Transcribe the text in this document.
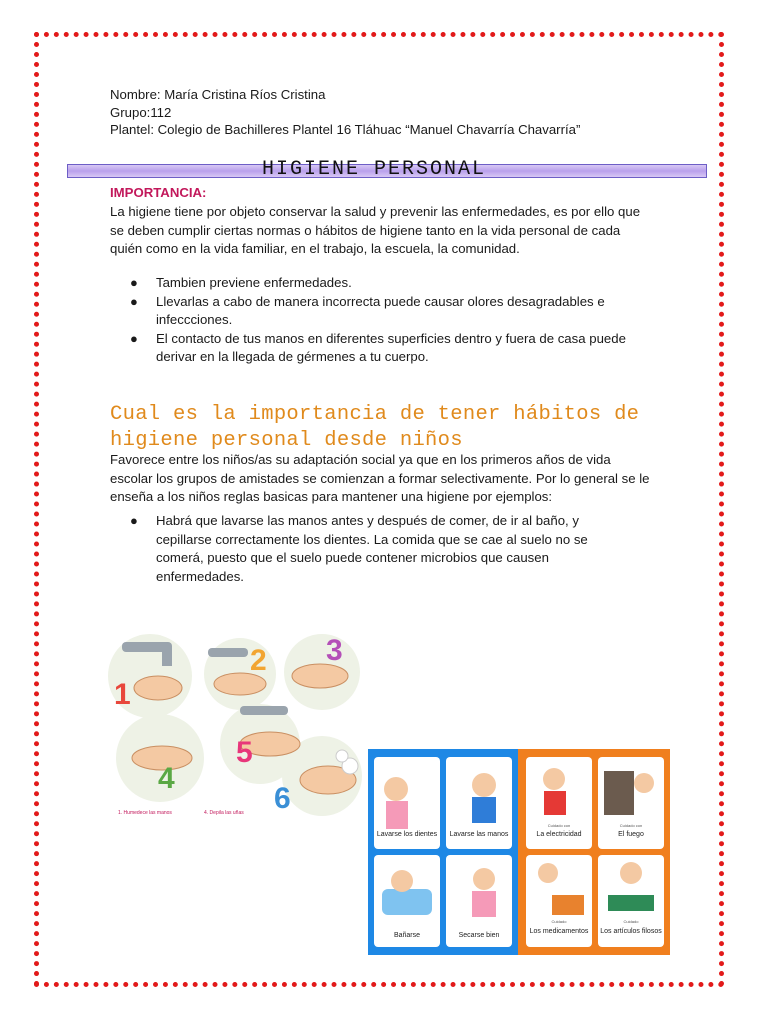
Nombre: María Cristina Ríos Cristina
Grupo:112
Plantel: Colegio de Bachilleres Plantel 16 Tláhuac “Manuel Chavarría Chavarría”
HIGIENE PERSONAL
IMPORTANCIA:
La higiene tiene por objeto conservar la salud y prevenir las enfermedades, es por ello que se deben cumplir ciertas normas o hábitos de higiene tanto en la vida personal de cada quién como en la vida familiar, en el trabajo, la escuela, la comunidad.
● Tambien previene enfermedades.
● Llevarlas a cabo de manera incorrecta puede causar olores desagradables e infeccciones.
● El contacto de tus manos en diferentes superficies dentro y fuera de casa puede derivar en la llegada de gérmenes a tu cuerpo.
Cual es la importancia de tener hábitos de higiene personal desde niños
Favorece entre los niños/as su adaptación social ya que en los primeros años de vida escolar los grupos de amistades se comienzan a formar selectivamente. Por lo general se le enseña a los niños reglas basicas para mantener una higiene por ejemplos:
● Habrá que lavarse las manos antes y después de comer, de ir al baño, y cepillarse correctamente los dientes. La comida que se cae al suelo no se comerá, puesto que el suelo puede contener microbios que causen enfermedades.
1
2 3
4
5
6
1. Humedece las manos	4. Depila las uñas
Lavarse los dientes Lavarse las manos
Bañarse	Secarse bien
Cuidado con
La electricidad
Cuidado con
El fuego
Cuidado
Los medicamentos
Cuidado
Los artículos filosos
